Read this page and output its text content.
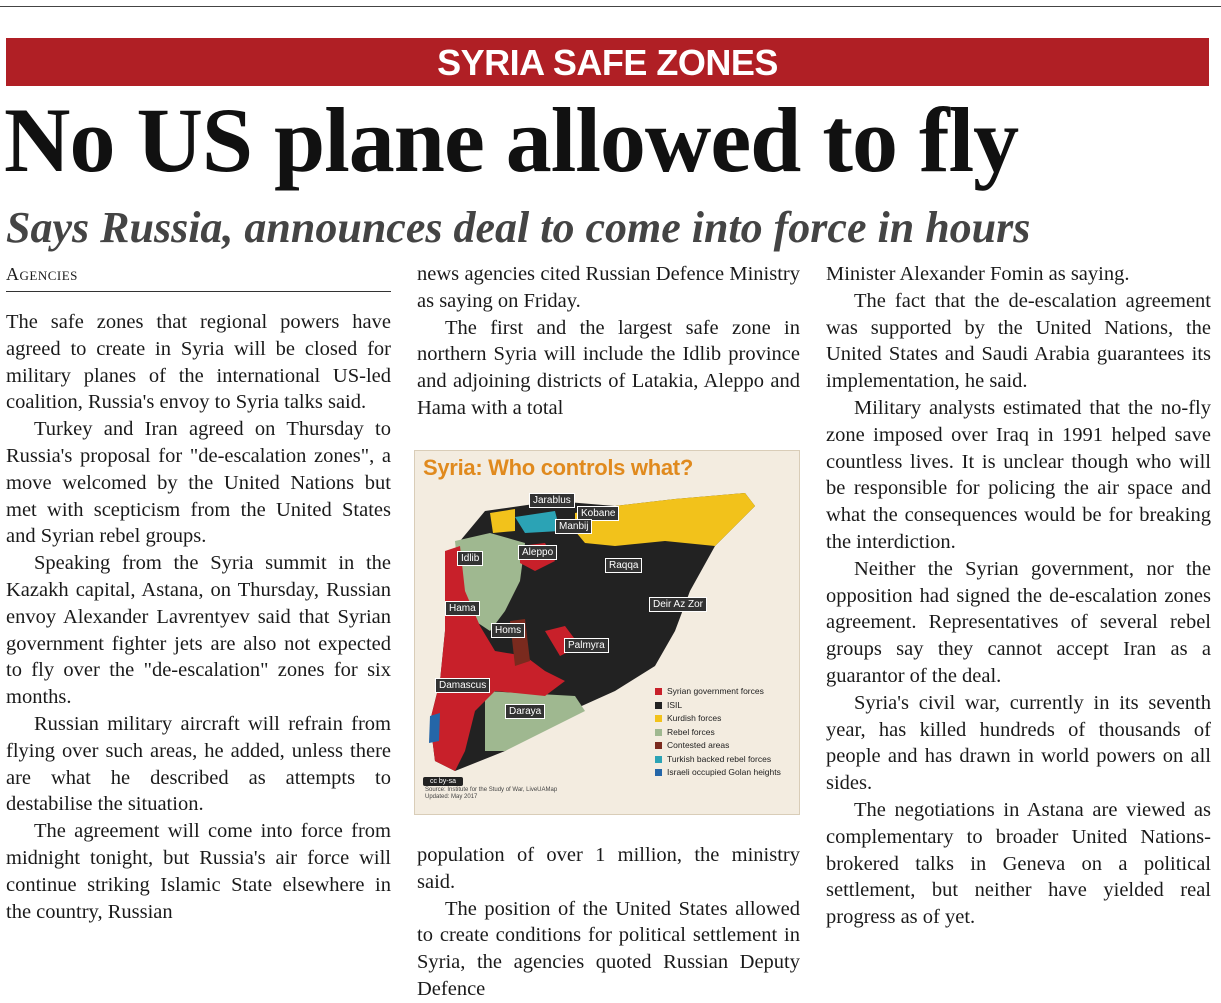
SYRIA SAFE ZONES
No US plane allowed to fly
Says Russia, announces deal to come into force in hours
Agencies

The safe zones that regional powers have agreed to create in Syria will be closed for military planes of the international US-led coalition, Russia's envoy to Syria talks said.

Turkey and Iran agreed on Thursday to Russia's proposal for "de-escalation zones", a move welcomed by the United Nations but met with scepticism from the United States and Syrian rebel groups.

Speaking from the Syria summit in the Kazakh capital, Astana, on Thursday, Russian envoy Alexander Lavrentyev said that Syrian government fighter jets are also not expected to fly over the "de-escalation" zones for six months.

Russian military aircraft will refrain from flying over such areas, he added, unless there are what he described as attempts to destabilise the situation.

The agreement will come into force from midnight tonight, but Russia's air force will continue striking Islamic State elsewhere in the country, Russian

news agencies cited Russian Defence Ministry as saying on Friday.

The first and the largest safe zone in northern Syria will include the Idlib province and adjoining districts of Latakia, Aleppo and Hama with a total

Syria: Who controls what?
Jarablus
Kobane
Manbij
Idlib
Aleppo
Raqqa
Deir Az Zor
Hama
Homs
Palmyra
Damascus
Daraya
Syrian government forces
ISIL
Kurdish forces
Rebel forces
Contested areas
Turkish backed rebel forces
Israeli occupied Golan heights
cc by-sa
Source: Institute for the Study of War, LiveUAMap
Updated: May 2017

population of over 1 million, the ministry said.

The position of the United States allowed to create conditions for political settlement in Syria, the agencies quoted Russian Deputy Defence

Minister Alexander Fomin as saying.

The fact that the de-escalation agreement was supported by the United Nations, the United States and Saudi Arabia guarantees its implementation, he said.

Military analysts estimated that the no-fly zone imposed over Iraq in 1991 helped save countless lives. It is unclear though who will be responsible for policing the air space and what the consequences would be for breaking the interdiction.

Neither the Syrian government, nor the opposition had signed the de-escalation zones agreement. Representatives of several rebel groups say they cannot accept Iran as a guarantor of the deal.

Syria's civil war, currently in its seventh year, has killed hundreds of thousands of people and has drawn in world powers on all sides.

The negotiations in Astana are viewed as complementary to broader United Nations-brokered talks in Geneva on a political settlement, but neither have yielded real progress as of yet.
